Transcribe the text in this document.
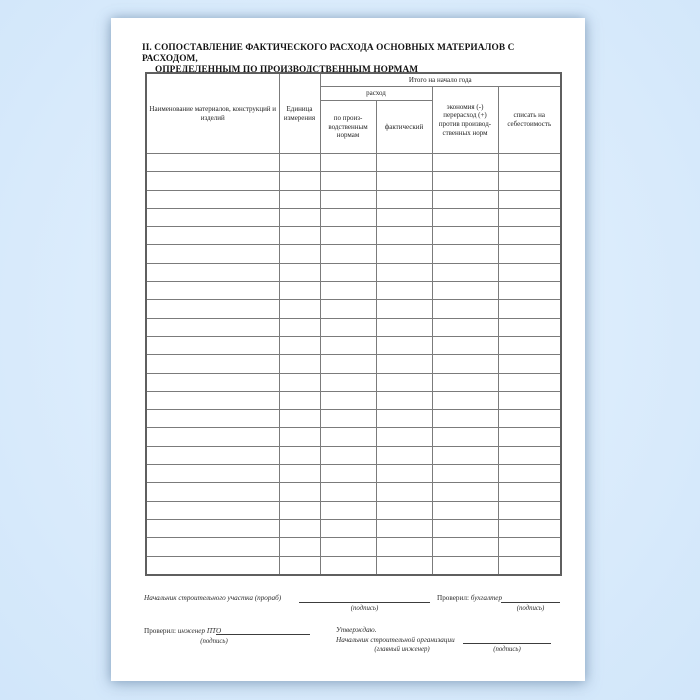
II. СОПОСТАВЛЕНИЕ ФАКТИЧЕСКОГО РАСХОДА ОСНОВНЫХ МАТЕРИАЛОВ С РАСХОДОМ,
ОПРЕДЕЛЕННЫМ ПО ПРОИЗВОДСТВЕННЫМ НОРМАМ
Наименование материалов, конструкций и изделий	Единица измерения	Итого на начало года			
		расход		экономия (-) перерасход (+) против производ-ственных норм	списать на себестоимость
		по произ-водственным нормам	фактический		

Начальник строительного участка (прораб)
(подпись)
Проверил: бухгалтер
(подпись)
Проверил: инженер ПТО
(подпись)
Утверждаю.
Начальник строительной организации
(главный инженер)	(подпись)
